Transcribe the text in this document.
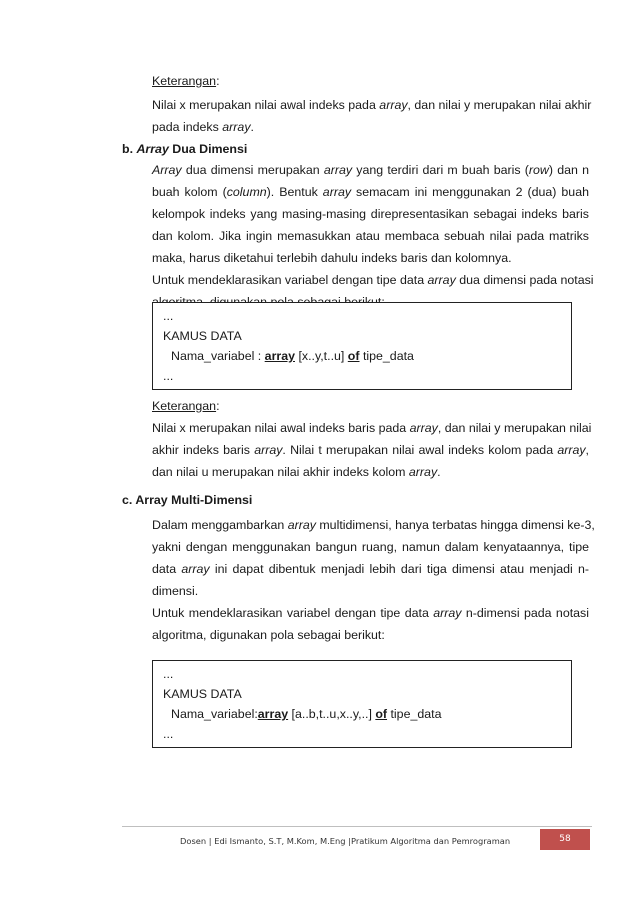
Keterangan:
Nilai x merupakan nilai awal indeks pada array, dan nilai y merupakan nilai akhir
pada indeks array.
b. Array Dua Dimensi
Array dua dimensi merupakan array yang terdiri dari m buah baris (row) dan n
buah kolom (column). Bentuk array semacam ini menggunakan 2 (dua) buah
kelompok indeks yang masing-masing direpresentasikan sebagai indeks baris
dan kolom. Jika ingin memasukkan atau membaca sebuah nilai pada matriks
maka, harus diketahui terlebih dahulu indeks baris dan kolomnya.
Untuk mendeklarasikan variabel dengan tipe data array dua dimensi pada notasi
...
KAMUS DATA
Nama_variabel : array [x..y,t..u] of tipe_data
...
Keterangan:
Nilai x merupakan nilai awal indeks baris pada array, dan nilai y merupakan nilai
akhir indeks baris array. Nilai t merupakan nilai awal indeks kolom pada array,
dan nilai u merupakan nilai akhir indeks kolom array.
c. Array Multi-Dimensi
Dalam menggambarkan array multidimensi, hanya terbatas hingga dimensi ke-3,
yakni dengan menggunakan bangun ruang, namun dalam kenyataannya, tipe
data array ini dapat dibentuk menjadi lebih dari tiga dimensi atau menjadi n-
dimensi.
Untuk mendeklarasikan variabel dengan tipe data array n-dimensi pada notasi
algoritma, digunakan pola sebagai berikut:
...
KAMUS DATA
Nama_variabel:array [a..b,t..u,x..y,..] of tipe_data
...
Dosen | Edi Ismanto, S.T, M.Kom, M.Eng |Pratikum Algoritma dan Pemrograman	58
